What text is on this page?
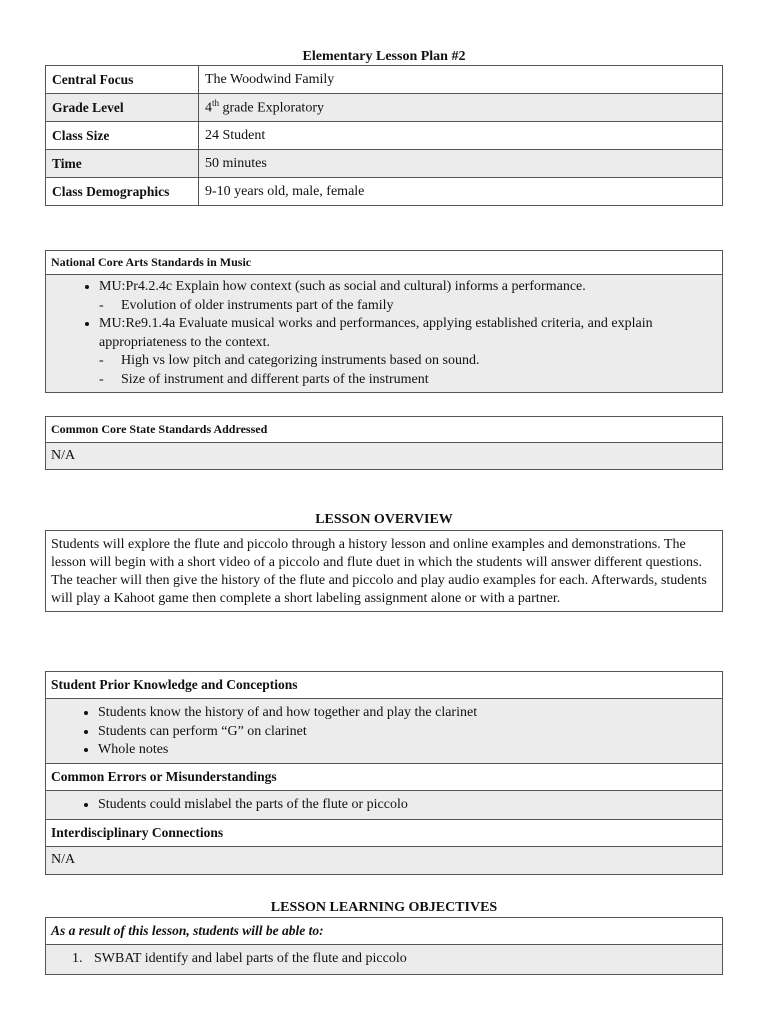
Elementary Lesson Plan #2
Central Focus	The Woodwind Family
Grade Level	4th grade Exploratory
Class Size	24 Student
Time	50 minutes
Class Demographics	9-10 years old, male, female
National Core Arts Standards in Music
• MU:Pr4.2.4c Explain how context (such as social and cultural) informs a performance.
- Evolution of older instruments part of the family
• MU:Re9.1.4a Evaluate musical works and performances, applying established criteria, and explain appropriateness to the context.
- High vs low pitch and categorizing instruments based on sound.
- Size of instrument and different parts of the instrument
Common Core State Standards Addressed
N/A
LESSON OVERVIEW
Students will explore the flute and piccolo through a history lesson and online examples and demonstrations. The lesson will begin with a short video of a piccolo and flute duet in which the students will answer different questions. The teacher will then give the history of the flute and piccolo and play audio examples for each. Afterwards, students will play a Kahoot game then complete a short labeling assignment alone or with a partner.
Student Prior Knowledge and Conceptions
• Students know the history of and how together and play the clarinet
• Students can perform “G” on clarinet
• Whole notes
Common Errors or Misunderstandings
• Students could mislabel the parts of the flute or piccolo
Interdisciplinary Connections
N/A
LESSON LEARNING OBJECTIVES
As a result of this lesson, students will be able to:
1. SWBAT identify and label parts of the flute and piccolo
